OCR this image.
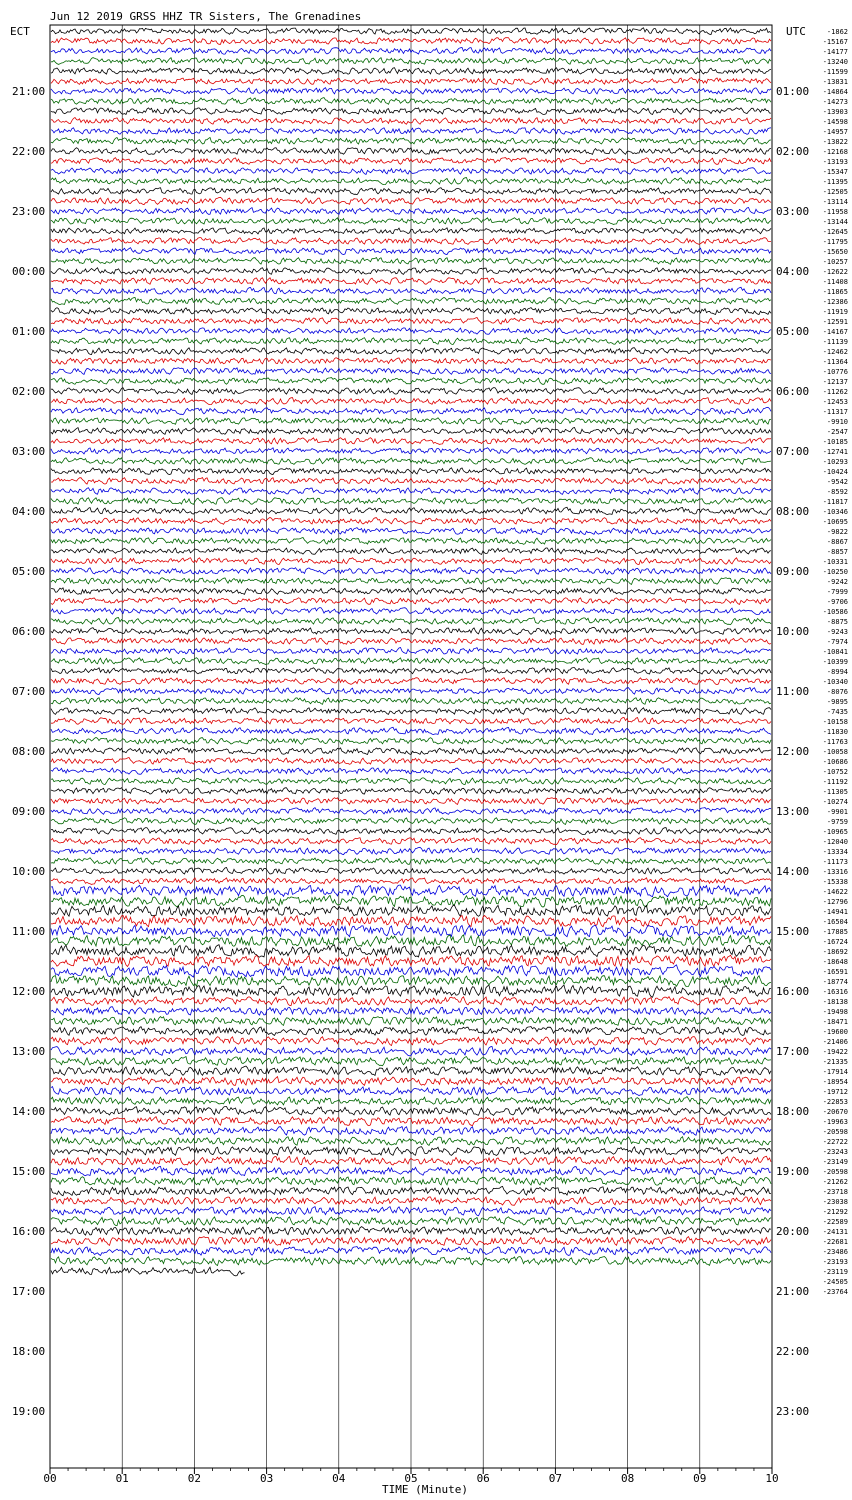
Jun 12 2019 GRSS HHZ TR Sisters, The Grenadines
ECT	UTC
21:00
22:00
23:00
00:00
01:00
02:00
03:00
04:00
05:00
06:00
07:00
08:00
09:00
10:00
11:00
12:00
13:00
14:00
15:00
16:00
17:00
18:00
19:00
01:00
02:00
03:00
04:00
05:00
06:00
07:00
08:00
09:00
10:00
11:00
12:00
13:00
14:00
15:00
16:00
17:00
18:00
19:00
20:00
21:00
22:00
23:00
-1862
-15167
-14177
-13240
-11599
-13831
-14864
-14273
-13903
-14598
-14957
-13822
-12168
-13193
-15347
-11395
-12505
-13114
-11958
-13144
-12645
-11795
-15650
-10257
-12622
-11408
-11865
-12386
-11919
-12591
-14167
-11139
-12462
-11364
-10776
-12137
-11262
-12453
-11317
-9910
-2547
-10185
-12741
-10293
-10424
-9542
-8592
-11817
-10346
-10695
-9822
-8867
-8857
-10331
-10250
-9242
-7999
-9706
-10586
-8875
-9243
-7974
-10841
-10399
-8994
-10340
-8076
-9895
-7435
-10158
-11830
-11763
-10058
-10686
-10752
-11192
-11305
-10274
-9901
-9759
-10965
-12040
-13334
-11173
-13316
-15338
-14622
-12796
-14941
-16504
-17885
-16724
-18692
-18648
-16591
-18774
-16316
-18138
-19498
-18471
-19600
-21406
-19422
-21335
-17914
-18954
-19712
-22853
-20670
-19963
-20598
-22722
-23243
-23149
-20598
-21262
-23718
-23038
-21292
-22589
-24131
-22681
-23486
-23193
-23119
-24505
-23764
00	01	02	03	04	05	06	07	08	09	10
TIME (Minute)
